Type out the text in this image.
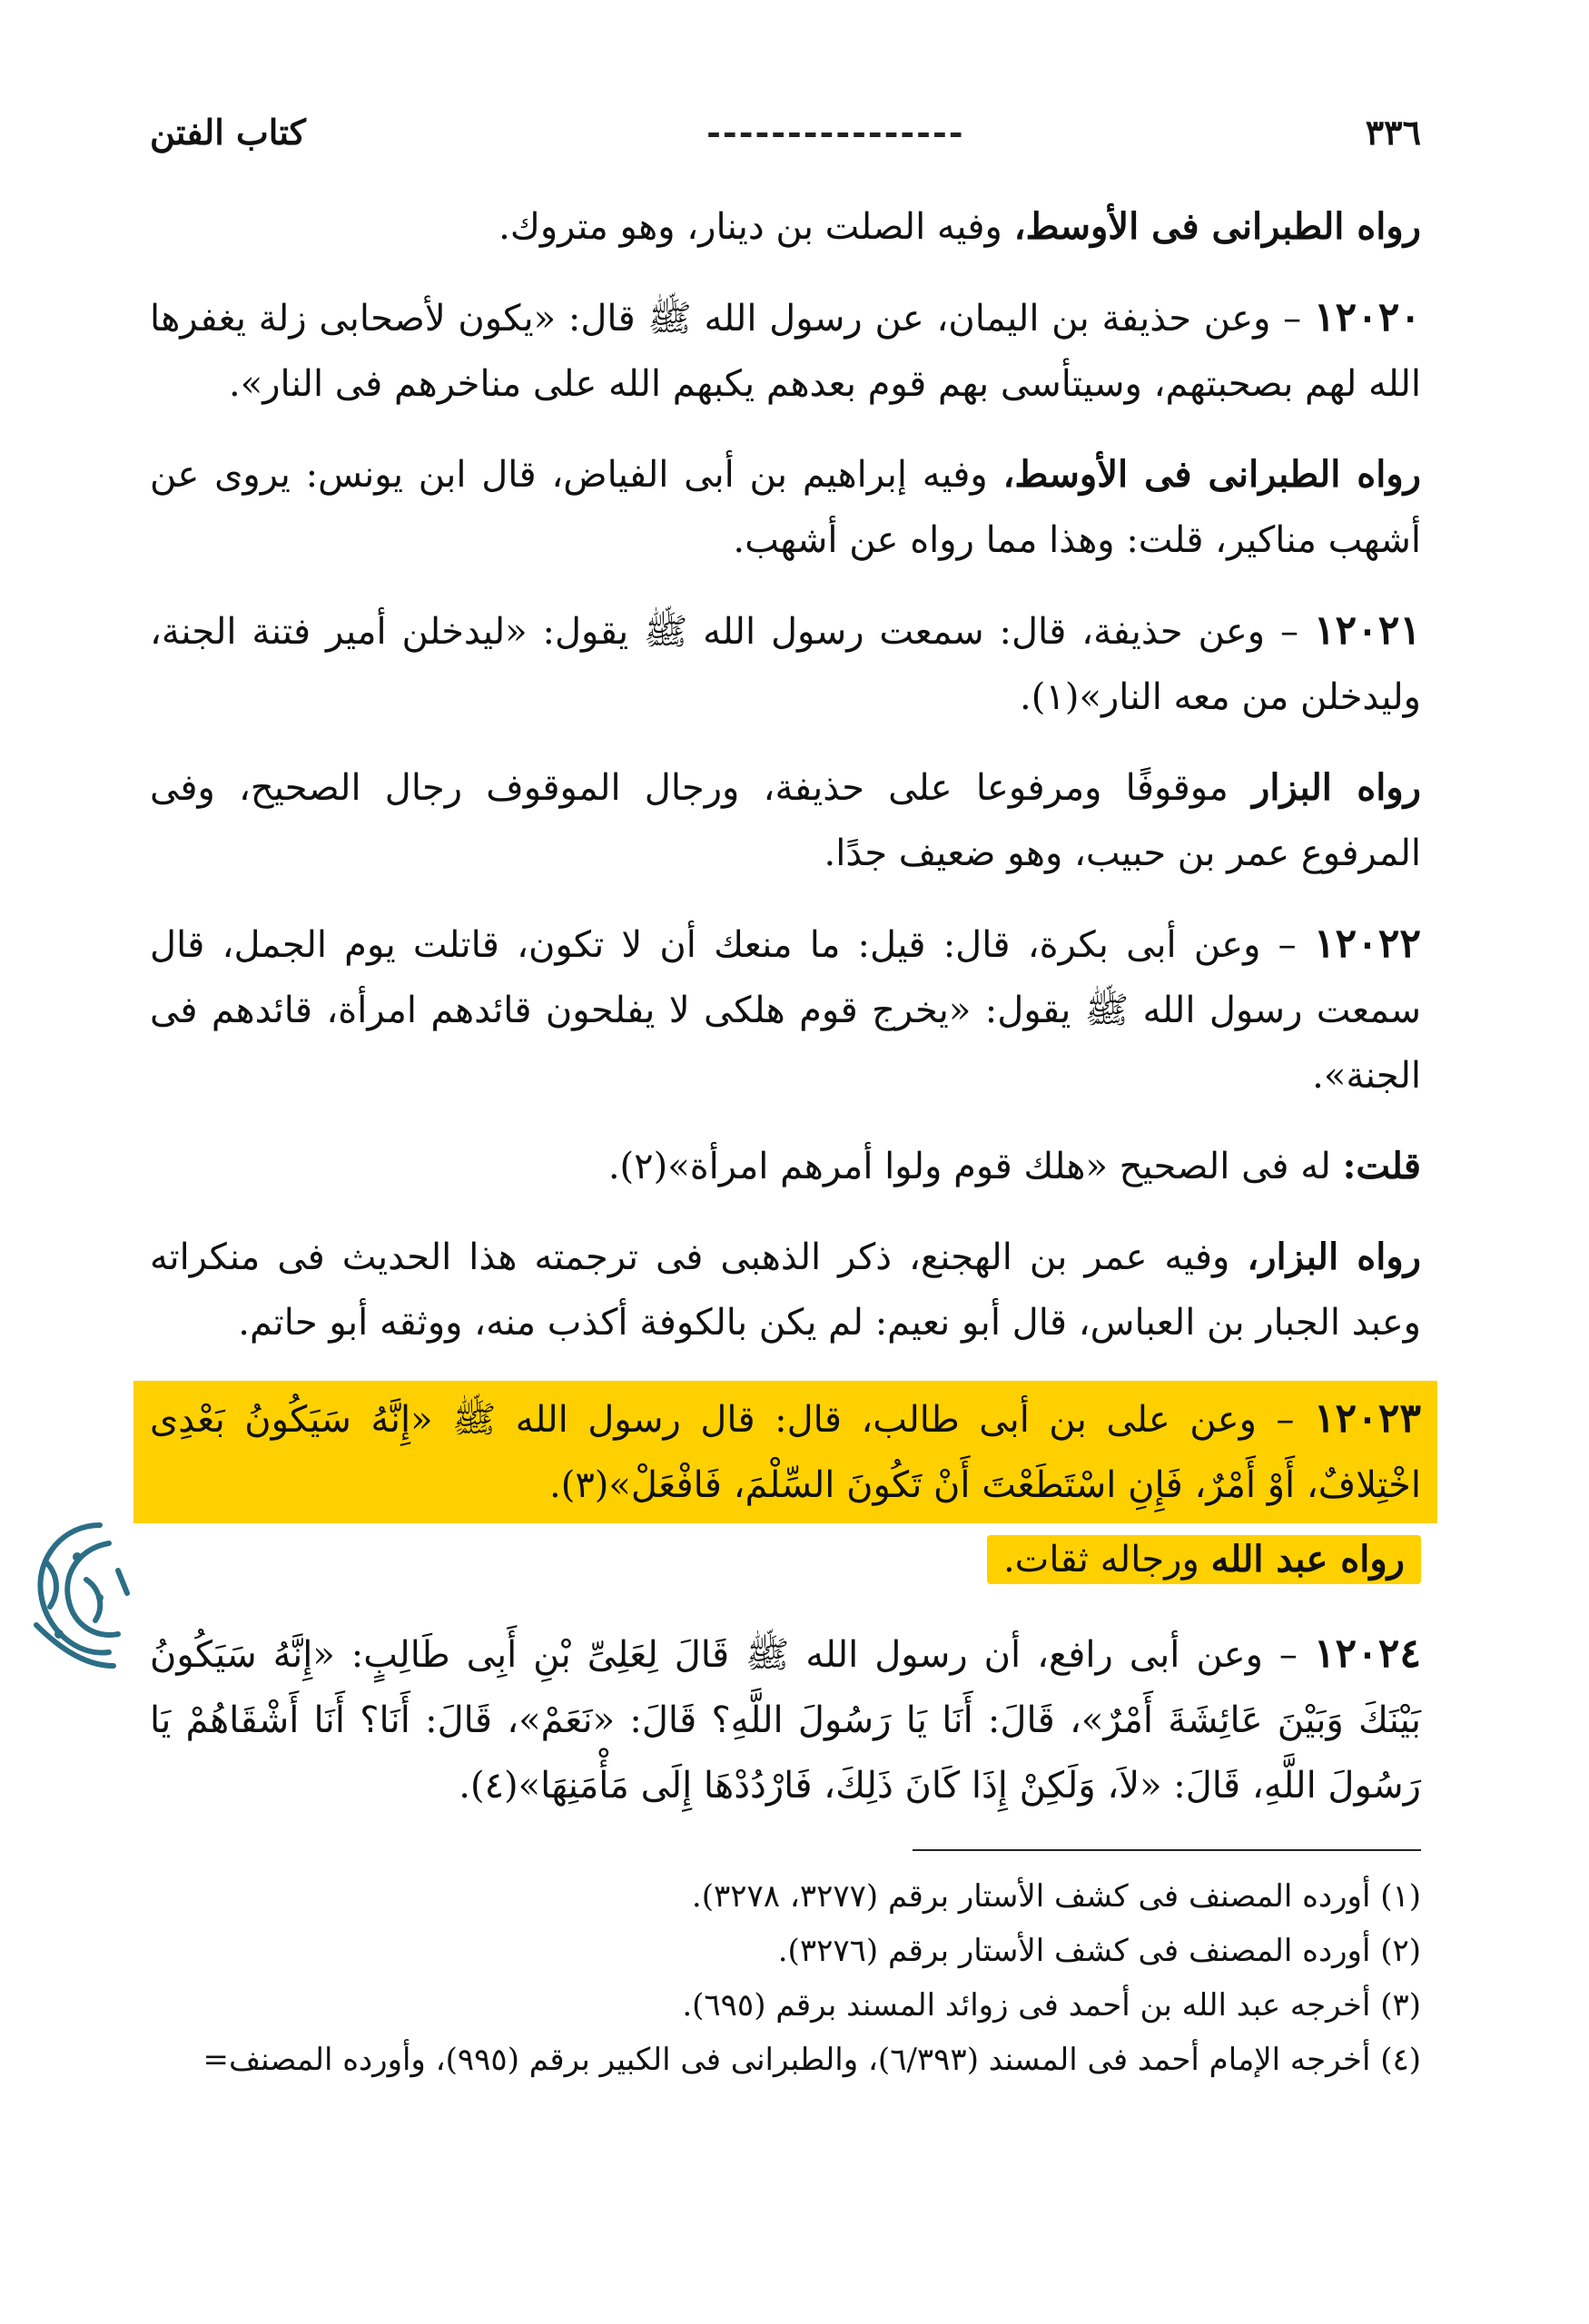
٣٣٦
----------------
كتاب الفتن

رواه الطبرانى فى الأوسط، وفيه الصلت بن دينار، وهو متروك.

١٢٠٢٠ – وعن حذيفة بن اليمان، عن رسول الله ﷺ قال: «يكون لأصحابى زلة يغفرها الله لهم بصحبتهم، وسيتأسى بهم قوم بعدهم يكبهم الله على مناخرهم فى النار».

رواه الطبرانى فى الأوسط، وفيه إبراهيم بن أبى الفياض، قال ابن يونس: يروى عن أشهب مناكير، قلت: وهذا مما رواه عن أشهب.

١٢٠٢١ – وعن حذيفة، قال: سمعت رسول الله ﷺ يقول: «ليدخلن أمير فتنة الجنة، وليدخلن من معه النار»(١).

رواه البزار موقوفًا ومرفوعا على حذيفة، ورجال الموقوف رجال الصحيح، وفى المرفوع عمر بن حبيب، وهو ضعيف جدًا.

١٢٠٢٢ – وعن أبى بكرة، قال: قيل: ما منعك أن لا تكون، قاتلت يوم الجمل، قال سمعت رسول الله ﷺ يقول: «يخرج قوم هلكى لا يفلحون قائدهم امرأة، قائدهم فى الجنة».

قلت: له فى الصحيح «هلك قوم ولوا أمرهم امرأة»(٢).

رواه البزار، وفيه عمر بن الهجنع، ذكر الذهبى فى ترجمته هذا الحديث فى منكراته وعبد الجبار بن العباس، قال أبو نعيم: لم يكن بالكوفة أكذب منه، ووثقه أبو حاتم.

١٢٠٢٣ – وعن على بن أبى طالب، قال: قال رسول الله ﷺ «إِنَّهُ سَيَكُونُ بَعْدِى اخْتِلافٌ، أَوْ أَمْرٌ، فَإِنِ اسْتَطَعْتَ أَنْ تَكُونَ السِّلْمَ، فَافْعَلْ»(٣).

رواه عبد الله ورجاله ثقات.

١٢٠٢٤ – وعن أبى رافع، أن رسول الله ﷺ قَالَ لِعَلِىِّ بْنِ أَبِى طَالِبٍ: «إِنَّهُ سَيَكُونُ بَيْنَكَ وَبَيْنَ عَائِشَةَ أَمْرٌ»، قَالَ: أَنَا يَا رَسُولَ اللَّهِ؟ قَالَ: «نَعَمْ»، قَالَ: أَنَا؟ أَنَا أَشْقَاهُمْ يَا رَسُولَ اللَّهِ، قَالَ: «لاَ، وَلَكِنْ إِذَا كَانَ ذَلِكَ، فَارْدُدْهَا إِلَى مَأْمَنِهَا»(٤).

(١) أورده المصنف فى كشف الأستار برقم (٣٢٧٧، ٣٢٧٨).

(٢) أورده المصنف فى كشف الأستار برقم (٣٢٧٦).

(٣) أخرجه عبد الله بن أحمد فى زوائد المسند برقم (٦٩٥).

(٤) أخرجه الإمام أحمد فى المسند (٦/٣٩٣)، والطبرانى فى الكبير برقم (٩٩٥)، وأورده المصنف=
